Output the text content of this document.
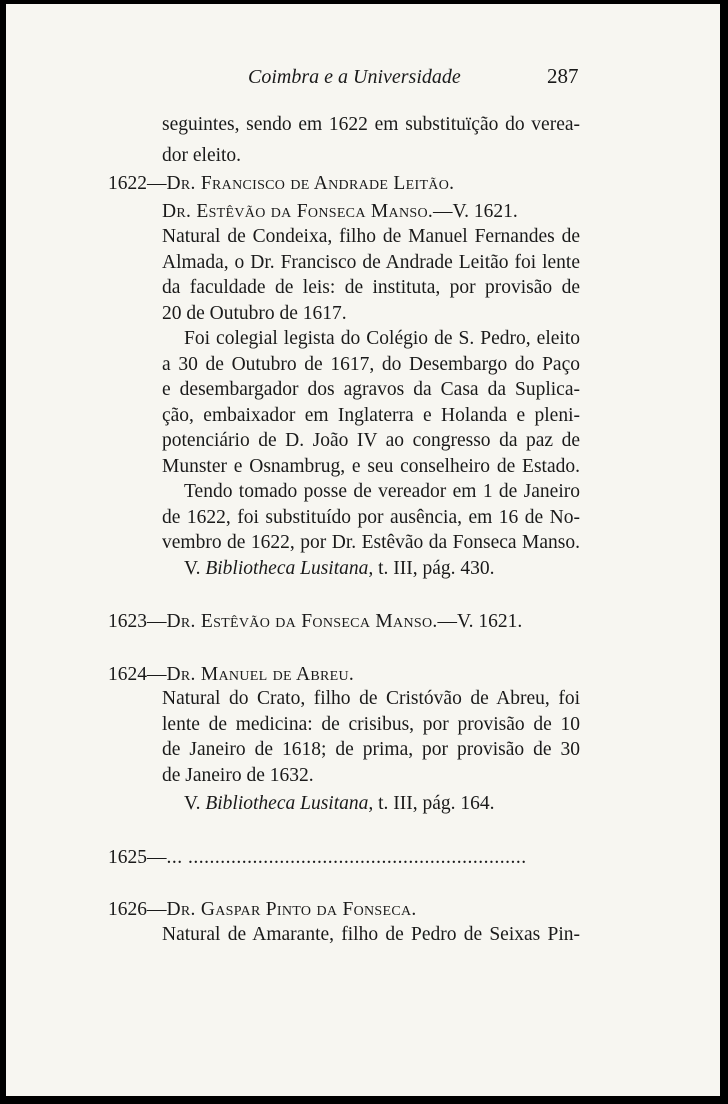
Coimbra e a Universidade	287
seguintes, sendo em 1622 em substituïção do verea-
dor eleito.
1622—Dr. Francisco de Andrade Leitão.
Dr. Estêvão da Fonseca Manso.—V. 1621.
Natural de Condeixa, filho de Manuel Fernandes de
Almada, o Dr. Francisco de Andrade Leitão foi lente
da faculdade de leis: de instituta, por provisão de
20 de Outubro de 1617.
Foi colegial legista do Colégio de S. Pedro, eleito
a 30 de Outubro de 1617, do Desembargo do Paço
e desembargador dos agravos da Casa da Suplica-
ção, embaixador em Inglaterra e Holanda e pleni-
potenciário de D. João IV ao congresso da paz de
Munster e Osnambrug, e seu conselheiro de Estado.
Tendo tomado posse de vereador em 1 de Janeiro
de 1622, foi substituído por ausência, em 16 de No-
vembro de 1622, por Dr. Estêvão da Fonseca Manso.
V. Bibliotheca Lusitana, t. III, pág. 430.
1623—Dr. Estêvão da Fonseca Manso.—V. 1621.
1624—Dr. Manuel de Abreu.
Natural do Crato, filho de Cristóvão de Abreu, foi
lente de medicina: de crisibus, por provisão de 10
de Janeiro de 1618; de prima, por provisão de 30
de Janeiro de 1632.
V. Bibliotheca Lusitana, t. III, pág. 164.
1625—... ...............................................................
1626—Dr. Gaspar Pinto da Fonseca.
Natural de Amarante, filho de Pedro de Seixas Pin-
